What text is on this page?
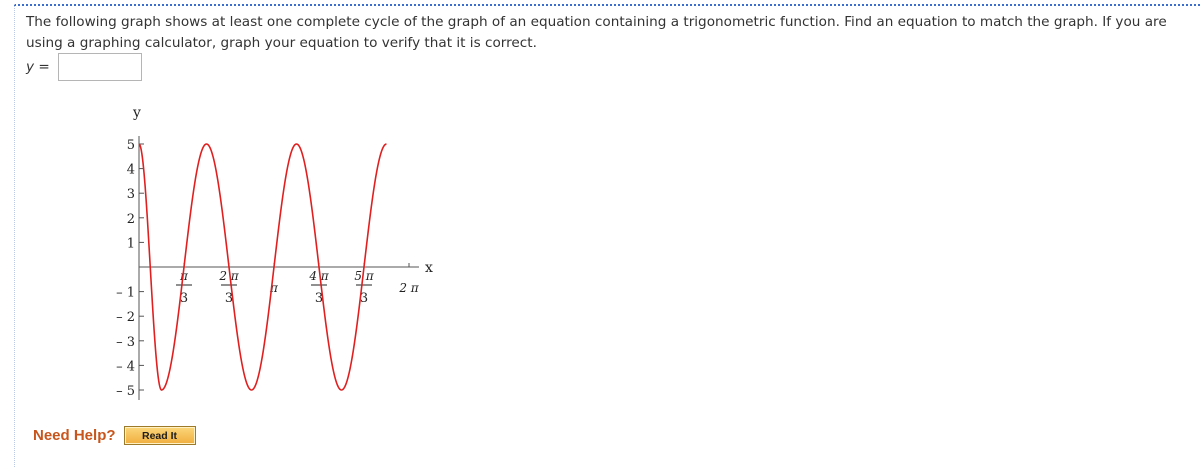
The following graph shows at least one complete cycle of the graph of an equation containing a trigonometric function. Find an equation to match the graph. If you are using a graphing calculator, graph your equation to verify that it is correct.
y =
π
3
2 π
3
π
4 π
3
5 π
3
2 π
5
4
3
2
1
– 1
– 2
– 3
– 4
– 5
x
y
Need Help?	Read It
